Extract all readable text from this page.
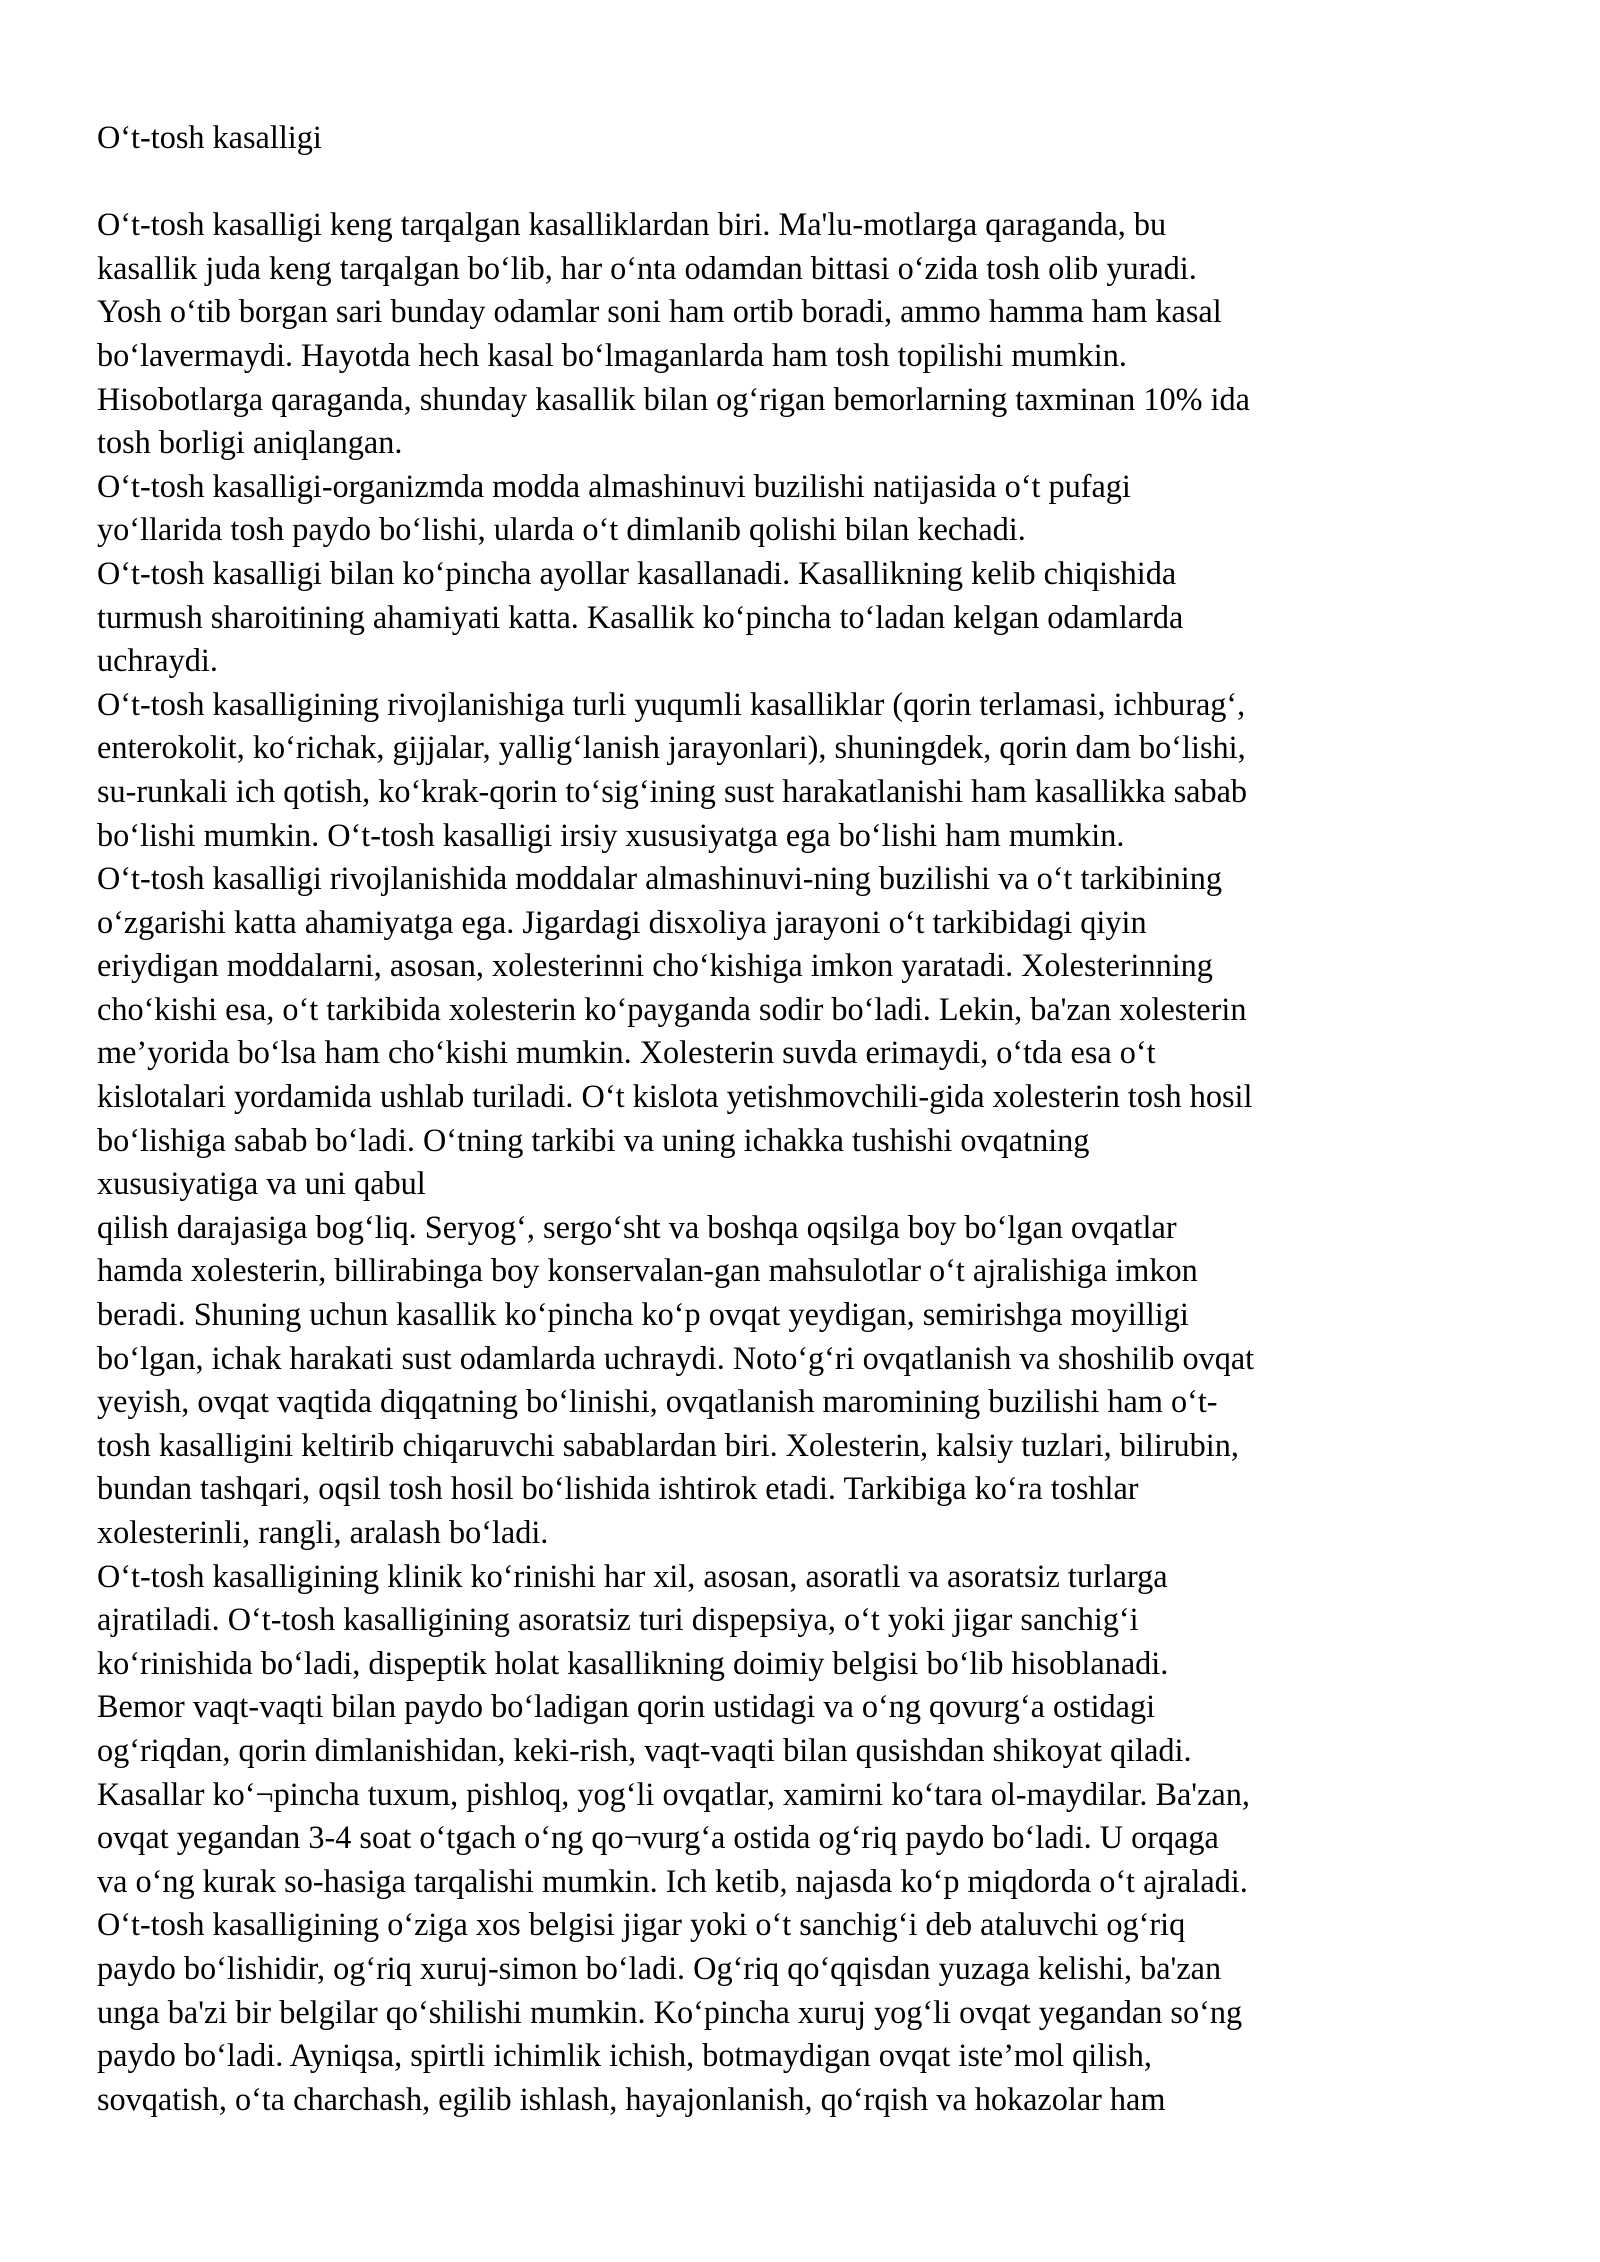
O‘t-tosh kasalligi
O‘t-tosh kasalligi keng tarqalgan kasalliklardan biri. Ma'lu-motlarga qaraganda, bu
kasallik juda keng tarqalgan bo‘lib, har o‘nta odamdan bittasi o‘zida tosh olib yuradi.
Yosh o‘tib borgan sari bunday odamlar soni ham ortib boradi, ammo hamma ham kasal
bo‘lavermaydi. Hayotda hech kasal bo‘lmaganlarda ham tosh topilishi mumkin.
Hisobotlarga qaraganda, shunday kasallik bilan og‘rigan bemorlarning taxminan 10% ida
tosh borligi aniqlangan.
O‘t-tosh kasalligi-organizmda modda almashinuvi buzilishi natijasida o‘t pufagi
yo‘llarida tosh paydo bo‘lishi, ularda o‘t dimlanib qolishi bilan kechadi.
O‘t-tosh kasalligi bilan ko‘pincha ayollar kasallanadi. Kasallikning kelib chiqishida
turmush sharoitining ahamiyati katta. Kasallik ko‘pincha to‘ladan kelgan odamlarda
uchraydi.
O‘t-tosh kasalligining rivojlanishiga turli yuqumli kasalliklar (qorin terlamasi, ichburag‘,
enterokolit, ko‘richak, gijjalar, yallig‘lanish jarayonlari), shuningdek, qorin dam bo‘lishi,
su-runkali ich qotish, ko‘krak-qorin to‘sig‘ining sust harakatlanishi ham kasallikka sabab
bo‘lishi mumkin. O‘t-tosh kasalligi irsiy xususiyatga ega bo‘lishi ham mumkin.
O‘t-tosh kasalligi rivojlanishida moddalar almashinuvi-ning buzilishi va o‘t tarkibining
o‘zgarishi katta ahamiyatga ega. Jigardagi disxoliya jarayoni o‘t tarkibidagi qiyin
eriydigan moddalarni, asosan, xolesterinni cho‘kishiga imkon yaratadi. Xolesterinning
cho‘kishi esa, o‘t tarkibida xolesterin ko‘payganda sodir bo‘ladi. Lekin, ba'zan xolesterin
me’yorida bo‘lsa ham cho‘kishi mumkin. Xolesterin suvda erimaydi, o‘tda esa o‘t
kislotalari yordamida ushlab turiladi. O‘t kislota yetishmovchili-gida xolesterin tosh hosil
bo‘lishiga sabab bo‘ladi. O‘tning tarkibi va uning ichakka tushishi ovqatning
xususiyatiga va uni qabul
qilish darajasiga bog‘liq. Seryog‘, sergo‘sht va boshqa oqsilga boy bo‘lgan ovqatlar
hamda xolesterin, billirabinga boy konservalan-gan mahsulotlar o‘t ajralishiga imkon
beradi. Shuning uchun kasallik ko‘pincha ko‘p ovqat yeydigan, semirishga moyilligi
bo‘lgan, ichak harakati sust odamlarda uchraydi. Noto‘g‘ri ovqatlanish va shoshilib ovqat
yeyish, ovqat vaqtida diqqatning bo‘linishi, ovqatlanish maromining buzilishi ham o‘t-
tosh kasalligini keltirib chiqaruvchi sabablardan biri. Xolesterin, kalsiy tuzlari, bilirubin,
bundan tashqari, oqsil tosh hosil bo‘lishida ishtirok etadi. Tarkibiga ko‘ra toshlar
xolesterinli, rangli, aralash bo‘ladi.
O‘t-tosh kasalligining klinik ko‘rinishi har xil, asosan, asoratli va asoratsiz turlarga
ajratiladi. O‘t-tosh kasalligining asoratsiz turi dispepsiya, o‘t yoki jigar sanchig‘i
ko‘rinishida bo‘ladi, dispeptik holat kasallikning doimiy belgisi bo‘lib hisoblanadi.
Bemor vaqt-vaqti bilan paydo bo‘ladigan qorin ustidagi va o‘ng qovurg‘a ostidagi
og‘riqdan, qorin dimlanishidan, keki-rish, vaqt-vaqti bilan qusishdan shikoyat qiladi.
Kasallar ko‘¬pincha tuxum, pishloq, yog‘li ovqatlar, xamirni ko‘tara ol-maydilar. Ba'zan,
ovqat yegandan 3-4 soat o‘tgach o‘ng qo¬vurg‘a ostida og‘riq paydo bo‘ladi. U orqaga
va o‘ng kurak so-hasiga tarqalishi mumkin. Ich ketib, najasda ko‘p miqdorda o‘t ajraladi.
O‘t-tosh kasalligining o‘ziga xos belgisi jigar yoki o‘t sanchig‘i deb ataluvchi og‘riq
paydo bo‘lishidir, og‘riq xuruj-simon bo‘ladi. Og‘riq qo‘qqisdan yuzaga kelishi, ba'zan
unga ba'zi bir belgilar qo‘shilishi mumkin. Ko‘pincha xuruj yog‘li ovqat yegandan so‘ng
paydo bo‘ladi. Ayniqsa, spirtli ichimlik ichish, botmaydigan ovqat iste’mol qilish,
sovqatish, o‘ta charchash, egilib ishlash, hayajonlanish, qo‘rqish va hokazolar ham
